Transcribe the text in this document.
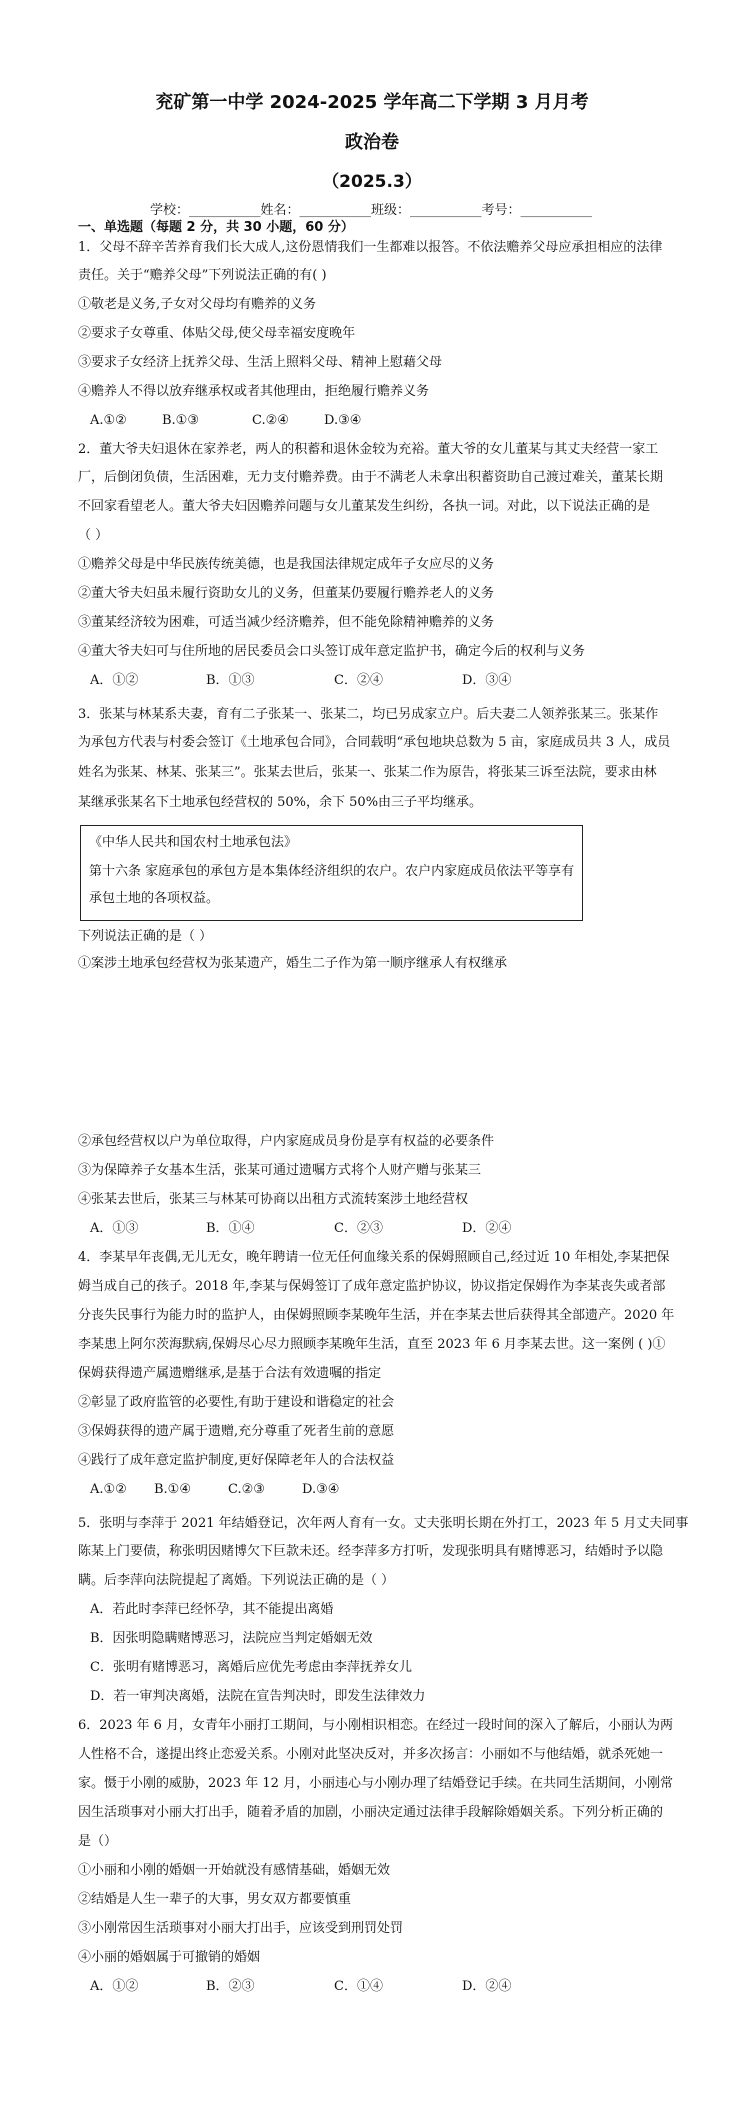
兖矿第一中学 2024-2025 学年高二下学期 3 月月考
政治卷
（2025.3）
学校：___________姓名：___________班级：___________考号：___________
一、单选题（每题 2 分，共 30 小题，60 分）
1．父母不辞辛苦养育我们长大成人,这份恩情我们一生都难以报答。不依法赡养父母应承担相应的法律
责任。关于“赡养父母”下列说法正确的有( )
①敬老是义务,子女对父母均有赡养的义务
②要求子女尊重、体贴父母,使父母幸福安度晚年
③要求子女经济上抚养父母、生活上照料父母、精神上慰藉父母
④赡养人不得以放弃继承权或者其他理由，拒绝履行赡养义务
A.①②	B.①③	C.②④	D.③④
2．董大爷夫妇退休在家养老，两人的积蓄和退休金较为充裕。董大爷的女儿董某与其丈夫经营一家工
厂，后倒闭负债，生活困难，无力支付赡养费。由于不满老人未拿出积蓄资助自己渡过难关，董某长期
不回家看望老人。董大爷夫妇因赡养问题与女儿董某发生纠纷，各执一词。对此，以下说法正确的是
（ ）
①赡养父母是中华民族传统美德，也是我国法律规定成年子女应尽的义务
②董大爷夫妇虽未履行资助女儿的义务，但董某仍要履行赡养老人的义务
③董某经济较为困难，可适当减少经济赡养，但不能免除精神赡养的义务
④董大爷夫妇可与住所地的居民委员会口头签订成年意定监护书，确定今后的权利与义务
A．①②	B．①③	C．②④	D．③④
3．张某与林某系夫妻，育有二子张某一、张某二，均已另成家立户。后夫妻二人领养张某三。张某作
为承包方代表与村委会签订《土地承包合同》，合同载明“承包地块总数为 5 亩，家庭成员共 3 人，成员
姓名为张某、林某、张某三”。张某去世后，张某一、张某二作为原告，将张某三诉至法院，要求由林
某继承张某名下土地承包经营权的 50%，余下 50%由三子平均继承。
《中华人民共和国农村土地承包法》
第十六条 家庭承包的承包方是本集体经济组织的农户。农户内家庭成员依法平等享有
承包土地的各项权益。
下列说法正确的是（ ）
①案涉土地承包经营权为张某遗产，婚生二子作为第一顺序继承人有权继承
②承包经营权以户为单位取得，户内家庭成员身份是享有权益的必要条件
③为保障养子女基本生活，张某可通过遗嘱方式将个人财产赠与张某三
④张某去世后，张某三与林某可协商以出租方式流转案涉土地经营权
A．①③	B．①④	C．②③	D．②④
4．李某早年丧偶,无儿无女，晚年聘请一位无任何血缘关系的保姆照顾自己,经过近 10 年相处,李某把保
姆当成自己的孩子。2018 年,李某与保姆签订了成年意定监护协议，协议指定保姆作为李某丧失或者部
分丧失民事行为能力时的监护人，由保姆照顾李某晚年生活，并在李某去世后获得其全部遗产。2020 年
李某患上阿尔茨海默病,保姆尽心尽力照顾李某晚年生活，直至 2023 年 6 月李某去世。这一案例 ( )①
保姆获得遗产属遗赠继承,是基于合法有效遗嘱的指定
②彰显了政府监管的必要性,有助于建设和谐稳定的社会
③保姆获得的遗产属于遗赠,充分尊重了死者生前的意愿
④践行了成年意定监护制度,更好保障老年人的合法权益
A.①② B.①④	C.②③	D.③④
5．张明与李萍于 2021 年结婚登记，次年两人育有一女。丈夫张明长期在外打工，2023 年 5 月丈夫同事
陈某上门要债，称张明因赌博欠下巨款未还。经李萍多方打听，发现张明具有赌博恶习，结婚时予以隐
瞒。后李萍向法院提起了离婚。下列说法正确的是（ ）
A．若此时李萍已经怀孕，其不能提出离婚
B．因张明隐瞒赌博恶习，法院应当判定婚姻无效
C．张明有赌博恶习，离婚后应优先考虑由李萍抚养女儿
D．若一审判决离婚，法院在宣告判决时，即发生法律效力
6．2023 年 6 月，女青年小丽打工期间，与小刚相识相恋。在经过一段时间的深入了解后，小丽认为两
人性格不合，遂提出终止恋爱关系。小刚对此坚决反对，并多次扬言：小丽如不与他结婚，就杀死她一
家。慑于小刚的威胁，2023 年 12 月，小丽违心与小刚办理了结婚登记手续。在共同生活期间，小刚常
因生活琐事对小丽大打出手，随着矛盾的加剧，小丽决定通过法律手段解除婚姻关系。下列分析正确的
是（）
①小丽和小刚的婚姻一开始就没有感情基础，婚姻无效
②结婚是人生一辈子的大事，男女双方都要慎重
③小刚常因生活琐事对小丽大打出手，应该受到刑罚处罚
④小丽的婚姻属于可撤销的婚姻
A．①②	B．②③	C．①④	D．②④
